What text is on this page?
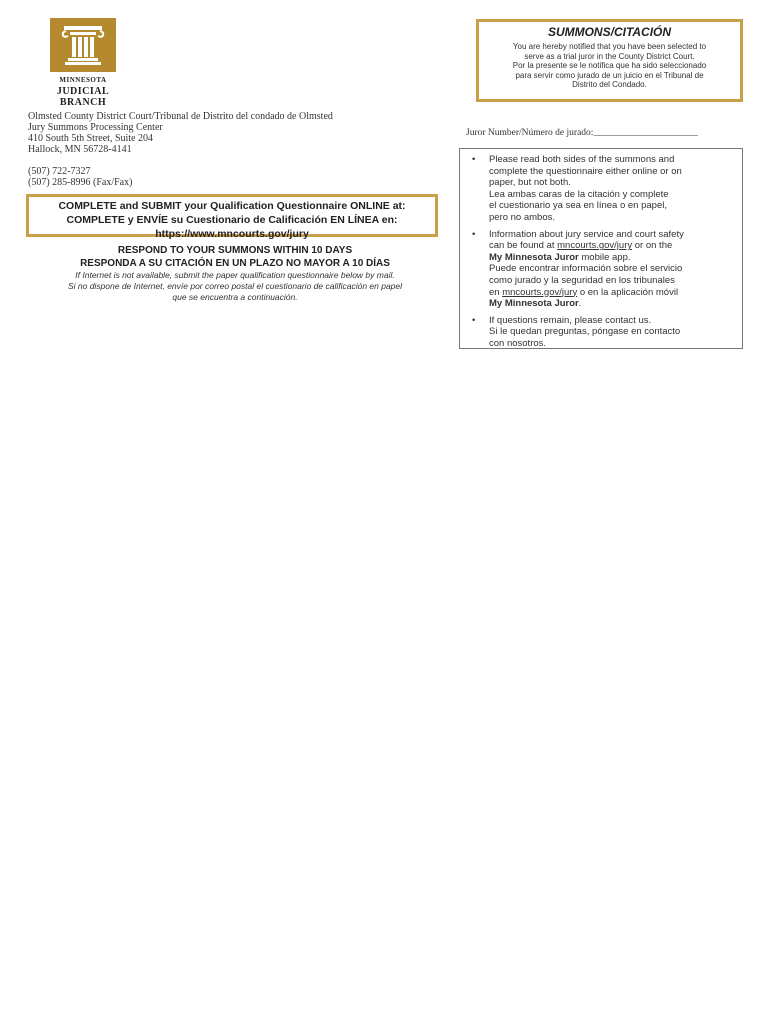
MINNESOTA
JUDICIAL
BRANCH
Olmsted County District Court/Tribunal de Distrito del condado de Olmsted
Jury Summons Processing Center
410 South 5th Street, Suite 204
Hallock, MN 56728-4141
(507) 722-7327
(507) 285-8996 (Fax/Fax)
COMPLETE and SUBMIT your Qualification Questionnaire ONLINE at:
COMPLETE y ENVÍE su Cuestionario de Calificación EN LÍNEA en:
https://www.mncourts.gov/jury
RESPOND TO YOUR SUMMONS WITHIN 10 DAYS
RESPONDA A SU CITACIÓN EN UN PLAZO NO MAYOR A 10 DÍAS
If Internet is not available, submit the paper qualification questionnaire below by mail.
Si no dispone de Internet, envíe por correo postal el cuestionario de calificación en papel
que se encuentra a continuación.
SUMMONS/CITACIÓN
You are hereby notified that you have been selected to
serve as a trial juror in the County District Court.
Por la presente se le notifica que ha sido seleccionado
para servir como jurado de un juicio en el Tribunal de
Distrito del Condado.
Juror Number/Número de jurado:______________________
• Please read both sides of the summons and
complete the questionnaire either online or on
paper, but not both.
Lea ambas caras de la citación y complete
el cuestionario ya sea en línea o en papel,
pero no ambos.
• Information about jury service and court safety
can be found at mncourts.gov/jury or on the
My Minnesota Juror mobile app.
Puede encontrar información sobre el servicio
como jurado y la seguridad en los tribunales
en mncourts.gov/jury o en la aplicación móvil
My Minnesota Juror.
• If questions remain, please contact us.
Si le quedan preguntas, póngase en contacto
con nosotros.
